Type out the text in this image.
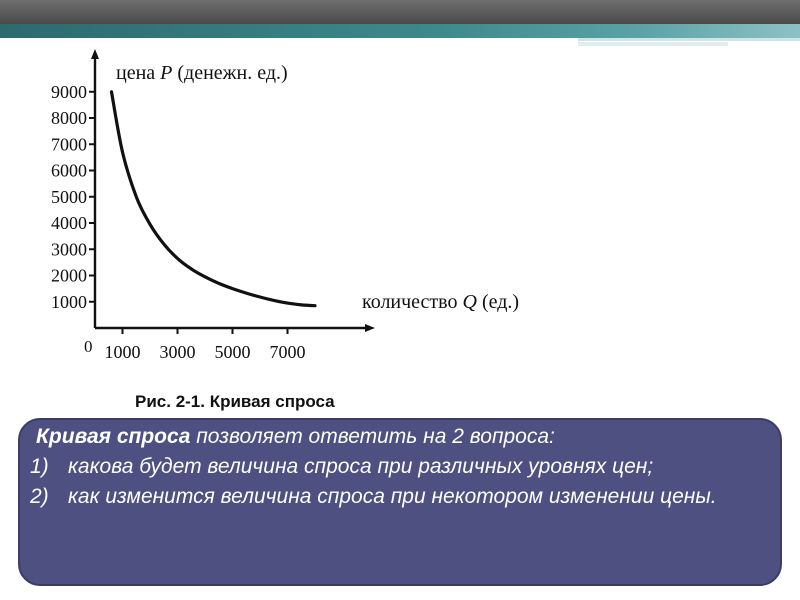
9000
8000
7000
6000
5000
4000
3000
2000
1000
1000 3000 5000 7000
0
цена P (денежн. ед.)
количество Q (ед.)
Рис. 2-1. Кривая спроса

Кривая спроса позволяет ответить на 2 вопроса:

1) какова будет величина спроса при различных уровнях цен;
2) как изменится величина спроса при некотором изменении цены.
